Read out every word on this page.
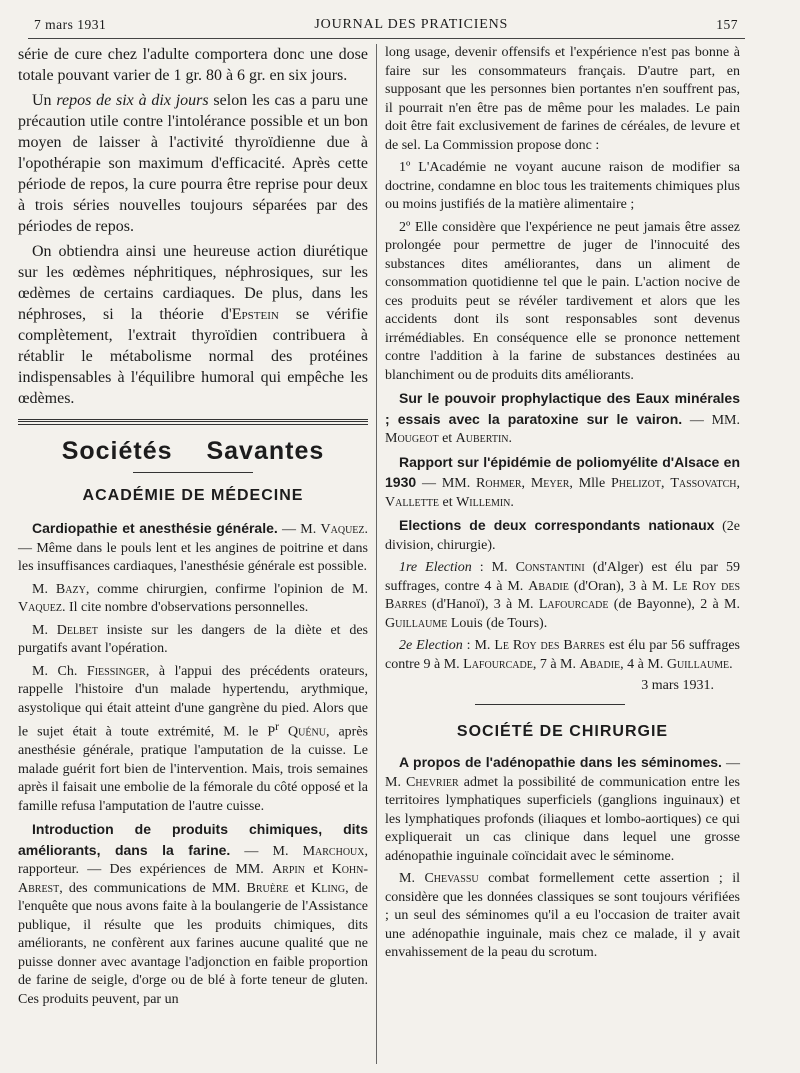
7 mars 1931	JOURNAL DES PRATICIENS	157

série de cure chez l'adulte comportera donc une dose totale pouvant varier de 1 gr. 80 à 6 gr. en six jours.

Un repos de six à dix jours selon les cas a paru une précaution utile contre l'intolérance possible et un bon moyen de laisser à l'activité thyroïdienne due à l'opothérapie son maximum d'efficacité. Après cette période de repos, la cure pourra être reprise pour deux à trois séries nouvelles toujours séparées par des périodes de repos.

On obtiendra ainsi une heureuse action diurétique sur les œdèmes néphritiques, néphrosiques, sur les œdèmes de certains cardiaques. De plus, dans les néphroses, si la théorie d'Epstein se vérifie complètement, l'extrait thyroïdien contribuera à rétablir le métabolisme normal des protéines indispensables à l'équilibre humoral qui empêche les œdèmes.

Sociétés Savantes
ACADÉMIE DE MÉDECINE

Cardiopathie et anesthésie générale. — M. Vaquez. — Même dans le pouls lent et les angines de poitrine et dans les insuffisances cardiaques, l'anesthésie générale est possible.

M. Bazy, comme chirurgien, confirme l'opinion de M. Vaquez. Il cite nombre d'observations personnelles.

M. Delbet insiste sur les dangers de la diète et des purgatifs avant l'opération.

M. Ch. Fiessinger, à l'appui des précédents orateurs, rappelle l'histoire d'un malade hypertendu, arythmique, asystolique qui était atteint d'une gangrène du pied. Alors que le sujet était à toute extrémité, M. le $P^r$ Quénu, après anesthésie générale, pratique l'amputation de la cuisse. Le malade guérit fort bien de l'intervention. Mais, trois semaines après il faisait une embolie de la fémorale du côté opposé et la famille refusa l'amputation de l'autre cuisse.

Introduction de produits chimiques, dits améliorants, dans la farine. — M. Marchoux, rapporteur. — Des expériences de MM. Arpin et Kohn-Abrest, des communications de MM. Bruère et Kling, de l'enquête que nous avons faite à la boulangerie de l'Assistance publique, il résulte que les produits chimiques, dits améliorants, ne confèrent aux farines aucune qualité que ne puisse donner avec avantage l'adjonction en faible proportion de farine de seigle, d'orge ou de blé à forte teneur de gluten. Ces produits peuvent, par un

long usage, devenir offensifs et l'expérience n'est pas bonne à faire sur les consommateurs français. D'autre part, en supposant que les personnes bien portantes n'en souffrent pas, il pourrait n'en être pas de même pour les malades. Le pain doit être fait exclusivement de farines de céréales, de levure et de sel. La Commission propose donc :

1º L'Académie ne voyant aucune raison de modifier sa doctrine, condamne en bloc tous les traitements chimiques plus ou moins justifiés de la matière alimentaire ;

2º Elle considère que l'expérience ne peut jamais être assez prolongée pour permettre de juger de l'innocuité des substances dites améliorantes, dans un aliment de consommation quotidienne tel que le pain. L'action nocive de ces produits peut se révéler tardivement et alors que les accidents dont ils sont responsables sont devenus irrémédiables. En conséquence elle se prononce nettement contre l'addition à la farine de substances destinées au blanchiment ou de produits dits améliorants.

Sur le pouvoir prophylactique des Eaux minérales ; essais avec la paratoxine sur le vairon. — MM. Mougeot et Aubertin.

Rapport sur l'épidémie de poliomyélite d'Alsace en 1930 — MM. Rohmer, Meyer, Mlle Phelizot, Tassovatch, Vallette et Willemin.

Elections de deux correspondants nationaux (2e division, chirurgie).

1re Election : M. Constantini (d'Alger) est élu par 59 suffrages, contre 4 à M. Abadie (d'Oran), 3 à M. Le Roy des Barres (d'Hanoï), 3 à M. Lafourcade (de Bayonne), 2 à M. Guillaume Louis (de Tours).

2e Election : M. Le Roy des Barres est élu par 56 suffrages contre 9 à M. Lafourcade, 7 à M. Abadie, 4 à M. Guillaume.

3 mars 1931.
SOCIÉTÉ DE CHIRURGIE

A propos de l'adénopathie dans les séminomes. — M. Chevrier admet la possibilité de communication entre les territoires lymphatiques superficiels (ganglions inguinaux) et les lymphatiques profonds (iliaques et lombo-aortiques) ce qui expliquerait un cas clinique dans lequel une grosse adénopathie inguinale coïncidait avec le séminome.

M. Chevassu combat formellement cette assertion ; il considère que les données classiques se sont toujours vérifiées ; un seul des séminomes qu'il a eu l'occasion de traiter avait une adénopathie inguinale, mais chez ce malade, il y avait envahissement de la peau du scrotum.
